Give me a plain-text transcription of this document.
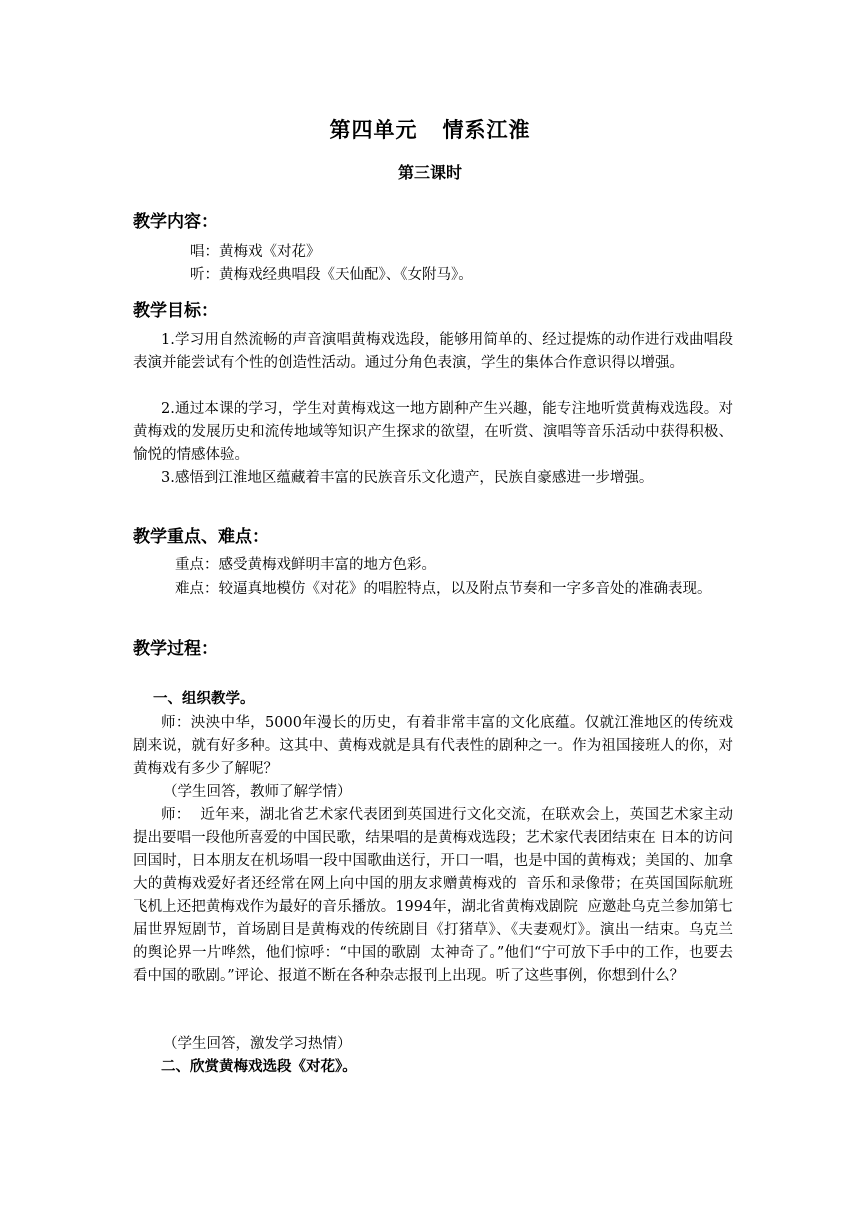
第四单元   情系江淮
第三课时
教学内容：
唱：黄梅戏《对花》
听：黄梅戏经典唱段《天仙配》、《女附马》。
教学目标：
1.学习用自然流畅的声音演唱黄梅戏选段，能够用简单的、经过提炼的动作进行戏曲唱段表演并能尝试有个性的创造性活动。通过分角色表演，学生的集体合作意识得以增强。
2.通过本课的学习，学生对黄梅戏这一地方剧种产生兴趣，能专注地听赏黄梅戏选段。对黄梅戏的发展历史和流传地域等知识产生探求的欲望，在听赏、演唱等音乐活动中获得积极、愉悦的情感体验。
3.感悟到江淮地区蕴藏着丰富的民族音乐文化遗产，民族自豪感进一步增强。
教学重点、难点：
重点：感受黄梅戏鲜明丰富的地方色彩。
难点：较逼真地模仿《对花》的唱腔特点，以及附点节奏和一字多音处的准确表现。
教学过程：
一、组织教学。
师：泱泱中华，5000年漫长的历史，有着非常丰富的文化底蕴。仅就江淮地区的传统戏剧来说，就有好多种。这其中、黄梅戏就是具有代表性的剧种之一。作为祖国接班人的你，对黄梅戏有多少了解呢？
（学生回答，教师了解学情）
师：  近年来，湖北省艺术家代表团到英国进行文化交流，在联欢会上，英国艺术家主动提出要唱一段他所喜爱的中国民歌，结果唱的是黄梅戏选段；艺术家代表团结束在 日本的访问回国时，日本朋友在机场唱一段中国歌曲送行，开口一唱，也是中国的黄梅戏；美国的、加拿大的黄梅戏爱好者还经常在网上向中国的朋友求赠黄梅戏的  音乐和录像带；在英国国际航班飞机上还把黄梅戏作为最好的音乐播放。1994年，湖北省黄梅戏剧院  应邀赴乌克兰参加第七届世界短剧节，首场剧目是黄梅戏的传统剧目《打猪草》、《夫妻观灯》。演出一结束。乌克兰的舆论界一片哗然，他们惊呼：“中国的歌剧  太神奇了。”他们“宁可放下手中的工作，也要去看中国的歌剧。”评论、报道不断在各种杂志报刊上出现。听了这些事例，你想到什么？
（学生回答，激发学习热情）
二、欣赏黄梅戏选段《对花》。
